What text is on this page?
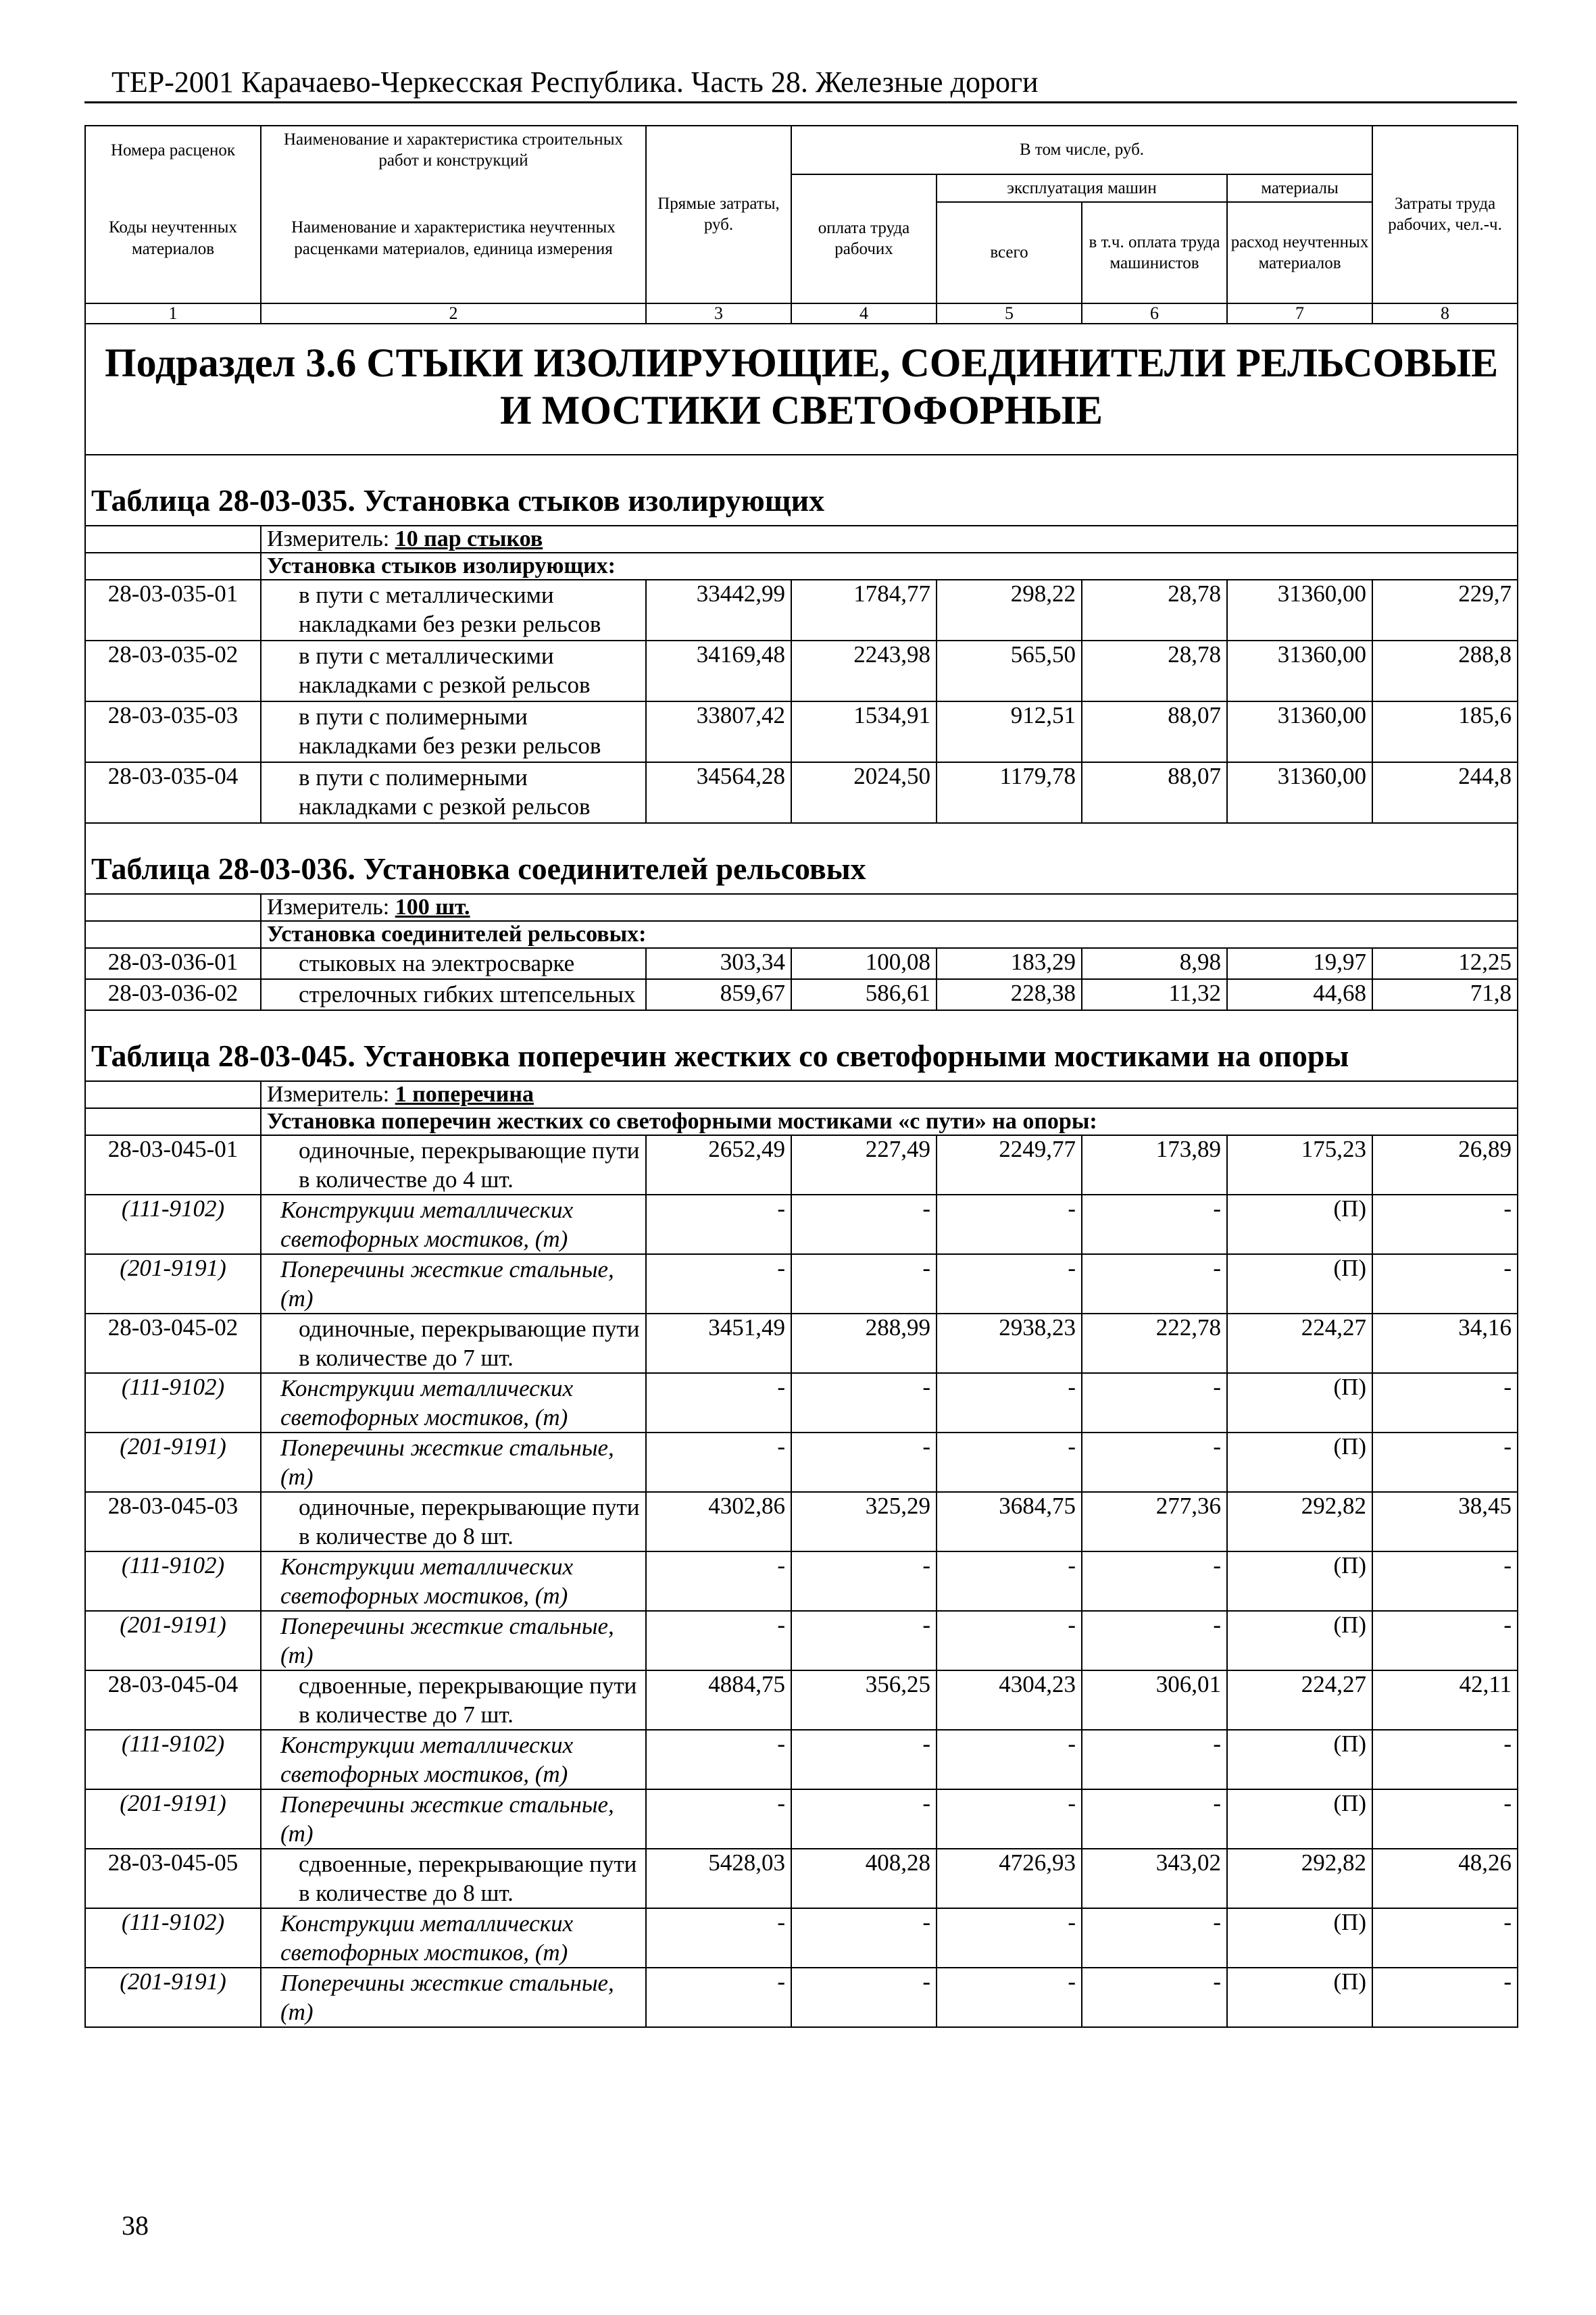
ТЕР-2001 Карачаево-Черкесская Республика. Часть 28. Железные дороги
Номера расценок	Наименование и характеристика строительных работ и конструкций	Прямые затраты, руб.	В том числе, руб.				Затраты труда рабочих, чел.-ч.
Коды неучтенных материалов	Наименование и характеристика неучтенных расценками материалов, единица измерения		оплата труда рабочих	эксплуатация машин		материалы	
				всего	в т.ч. оплата труда машинистов	расход неучтенных материалов	
1	2	3	4	5	6	7	8
Подраздел 3.6 СТЫКИ ИЗОЛИРУЮЩИЕ, СОЕДИНИТЕЛИ РЕЛЬСОВЫЕ И МОСТИКИ СВЕТОФОРНЫЕ							
Таблица 28-03-035. Установка стыков изолирующих							
	Измеритель: 10 пар стыков						
	Установка стыков изолирующих:						
28-03-035-01	в пути с металлическими накладками без резки рельсов	33442,99	1784,77	298,22	28,78	31360,00	229,7
28-03-035-02	в пути с металлическими накладками с резкой рельсов	34169,48	2243,98	565,50	28,78	31360,00	288,8
28-03-035-03	в пути с полимерными накладками без резки рельсов	33807,42	1534,91	912,51	88,07	31360,00	185,6
28-03-035-04	в пути с полимерными накладками с резкой рельсов	34564,28	2024,50	1179,78	88,07	31360,00	244,8
Таблица 28-03-036. Установка соединителей рельсовых							
	Измеритель: 100 шт.						
	Установка соединителей рельсовых:						
28-03-036-01	стыковых на электросварке	303,34	100,08	183,29	8,98	19,97	12,25
28-03-036-02	стрелочных гибких штепсельных	859,67	586,61	228,38	11,32	44,68	71,8
Таблица 28-03-045. Установка поперечин жестких со светофорными мостиками на опоры							
	Измеритель: 1 поперечина						
	Установка поперечин жестких со светофорными мостиками «с пути» на опоры:						
28-03-045-01	одиночные, перекрывающие пути в количестве до 4 шт.	2652,49	227,49	2249,77	173,89	175,23	26,89
(111-9102)	Конструкции металлических светофорных мостиков, (т)	-	-	-	-	(П)	-
(201-9191)	Поперечины жесткие стальные, (т)	-	-	-	-	(П)	-
28-03-045-02	одиночные, перекрывающие пути в количестве до 7 шт.	3451,49	288,99	2938,23	222,78	224,27	34,16
(111-9102)	Конструкции металлических светофорных мостиков, (т)	-	-	-	-	(П)	-
(201-9191)	Поперечины жесткие стальные, (т)	-	-	-	-	(П)	-
28-03-045-03	одиночные, перекрывающие пути в количестве до 8 шт.	4302,86	325,29	3684,75	277,36	292,82	38,45
(111-9102)	Конструкции металлических светофорных мостиков, (т)	-	-	-	-	(П)	-
(201-9191)	Поперечины жесткие стальные, (т)	-	-	-	-	(П)	-
28-03-045-04	сдвоенные, перекрывающие пути в количестве до 7 шт.	4884,75	356,25	4304,23	306,01	224,27	42,11
(111-9102)	Конструкции металлических светофорных мостиков, (т)	-	-	-	-	(П)	-
(201-9191)	Поперечины жесткие стальные, (т)	-	-	-	-	(П)	-
28-03-045-05	сдвоенные, перекрывающие пути в количестве до 8 шт.	5428,03	408,28	4726,93	343,02	292,82	48,26
(111-9102)	Конструкции металлических светофорных мостиков, (т)	-	-	-	-	(П)	-
(201-9191)	Поперечины жесткие стальные, (т)	-	-	-	-	(П)	-
38
